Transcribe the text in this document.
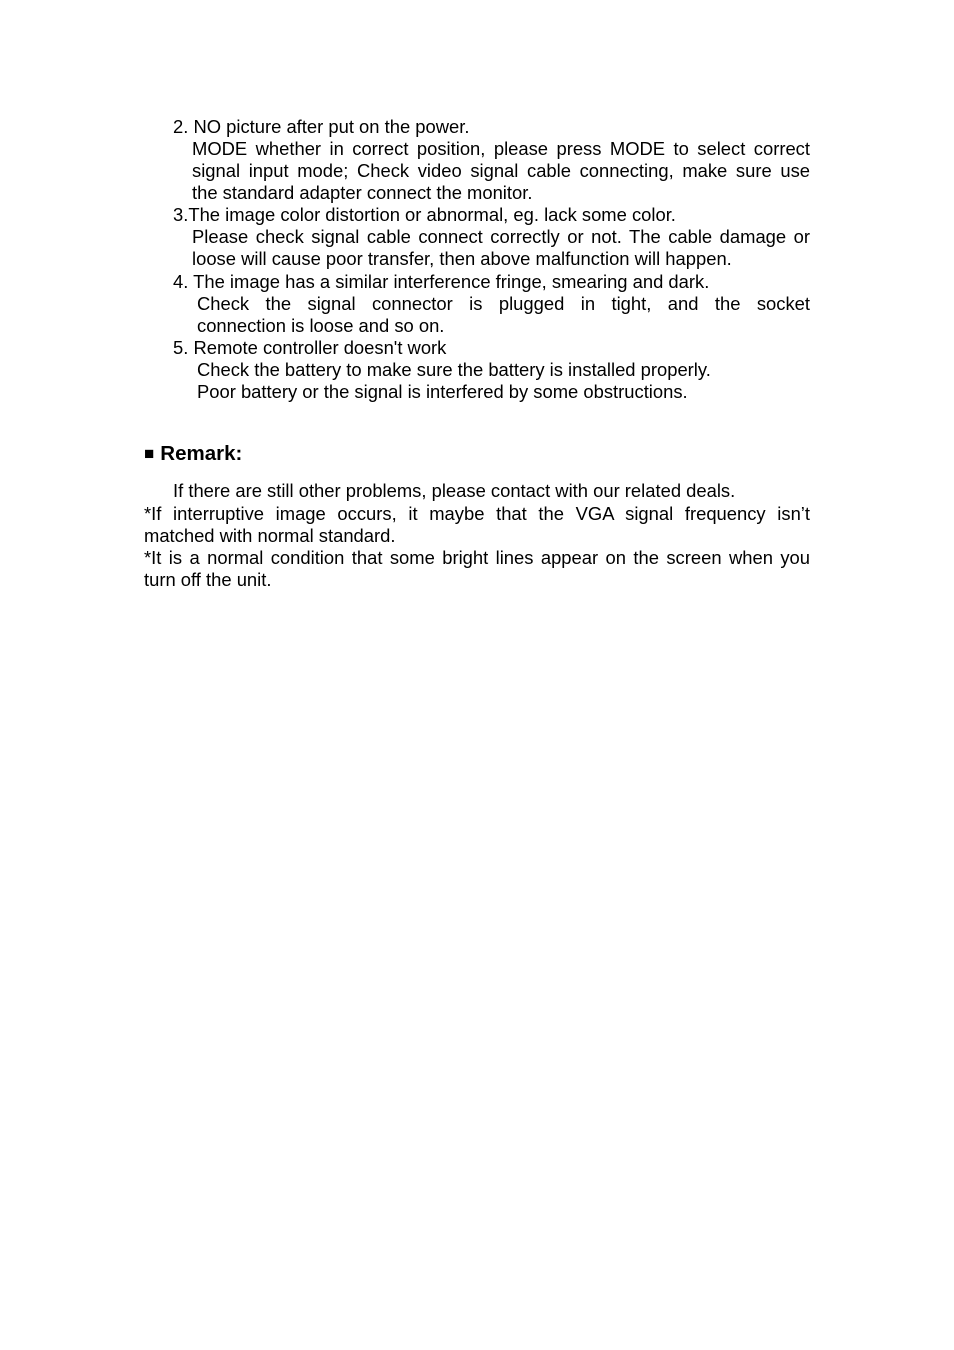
2. NO picture after put on the power.
MODE whether in correct position, please press MODE to select correct
signal input mode; Check video signal cable connecting, make sure use
the standard adapter connect the monitor.
3.The image color distortion or abnormal, eg. lack some color.
Please check signal cable connect correctly or not. The cable damage or
loose will cause poor transfer, then above malfunction will happen.
4. The image has a similar interference fringe, smearing and dark.
Check the signal connector is plugged in tight, and the socket
connection is loose and so on.
5. Remote controller doesn't work
Check the battery to make sure the battery is installed properly.
Poor battery or the signal is interfered by some obstructions.
■ Remark:
If there are still other problems, please contact with our related deals.
*If interruptive image occurs, it maybe that the VGA signal frequency isn’t
matched with normal standard.
*It is a normal condition that some bright lines appear on the screen when you
turn off the unit.
